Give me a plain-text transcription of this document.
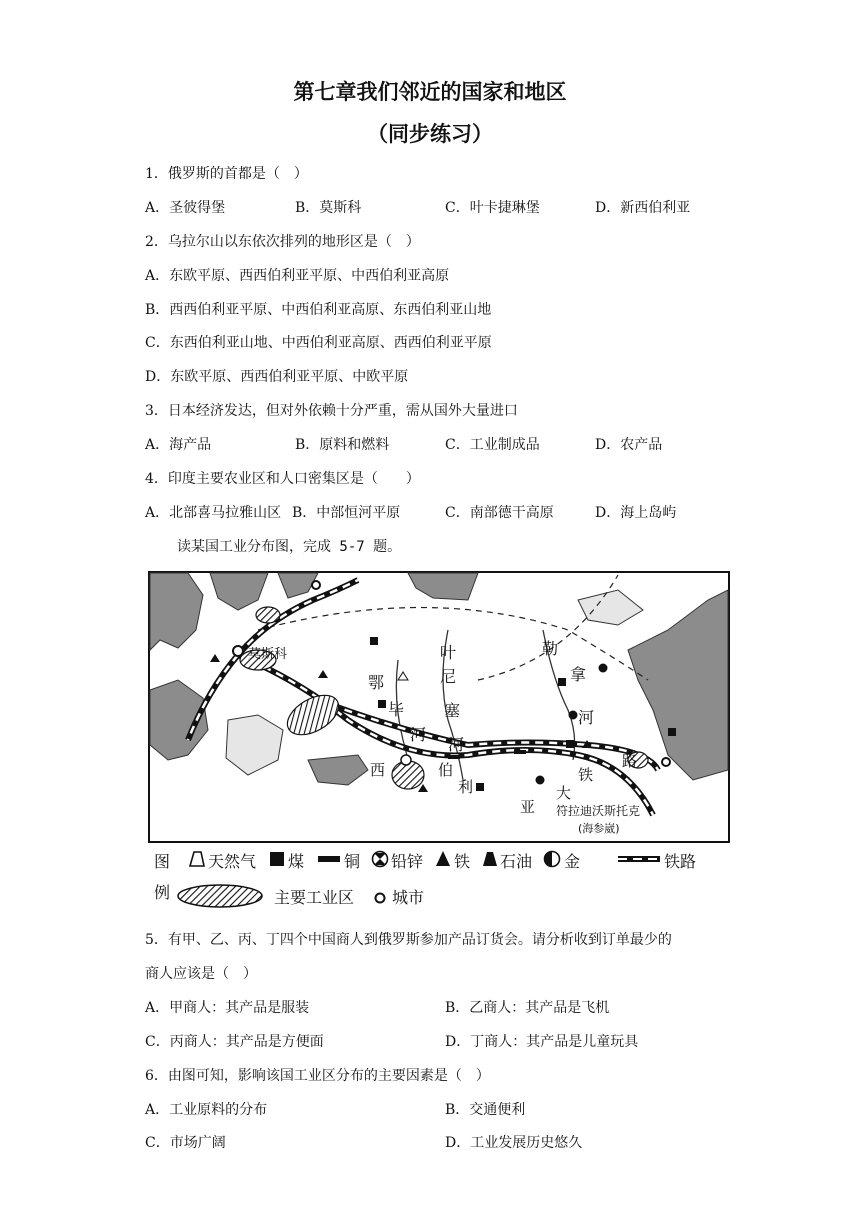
第七章我们邻近的国家和地区
（同步练习）
1．俄罗斯的首都是（　）
A．圣彼得堡	B．莫斯科	C．叶卡捷琳堡	D．新西伯利亚
2．乌拉尔山以东依次排列的地形区是（　）
A．东欧平原、西西伯利亚平原、中西伯利亚高原
B．西西伯利亚平原、中西伯利亚高原、东西伯利亚山地
C．东西伯利亚山地、中西伯利亚高原、西西伯利亚平原
D．东欧平原、西西伯利亚平原、中欧平原
3．日本经济发达，但对外依赖十分严重，需从国外大量进口
A．海产品	B．原料和燃料	C．工业制成品	D．农产品
4．印度主要农业区和人口密集区是（　　）
A．北部喜马拉雅山区 B．中部恒河平原	C．南部德干高原	D．海上岛屿
读某国工业分布图，完成 5-7 题。
莫斯科
符拉迪沃斯托克
(海参崴)
叶
尼
塞
河
鄂
毕
河
勒
拿
河
西	伯
利
亚
大
铁
路
图
例
天然气 煤 铜 铅锌 铁 石油 金	铁路
主要工业区 城市
5．有甲、乙、丙、丁四个中国商人到俄罗斯参加产品订货会。请分析收到订单最少的
商人应该是（　）
A．甲商人：其产品是服装	B．乙商人：其产品是飞机
C．丙商人：其产品是方便面	D．丁商人：其产品是儿童玩具
6．由图可知，影响该国工业区分布的主要因素是（　）
A．工业原料的分布	B．交通便利
C．市场广阔	D．工业发展历史悠久
